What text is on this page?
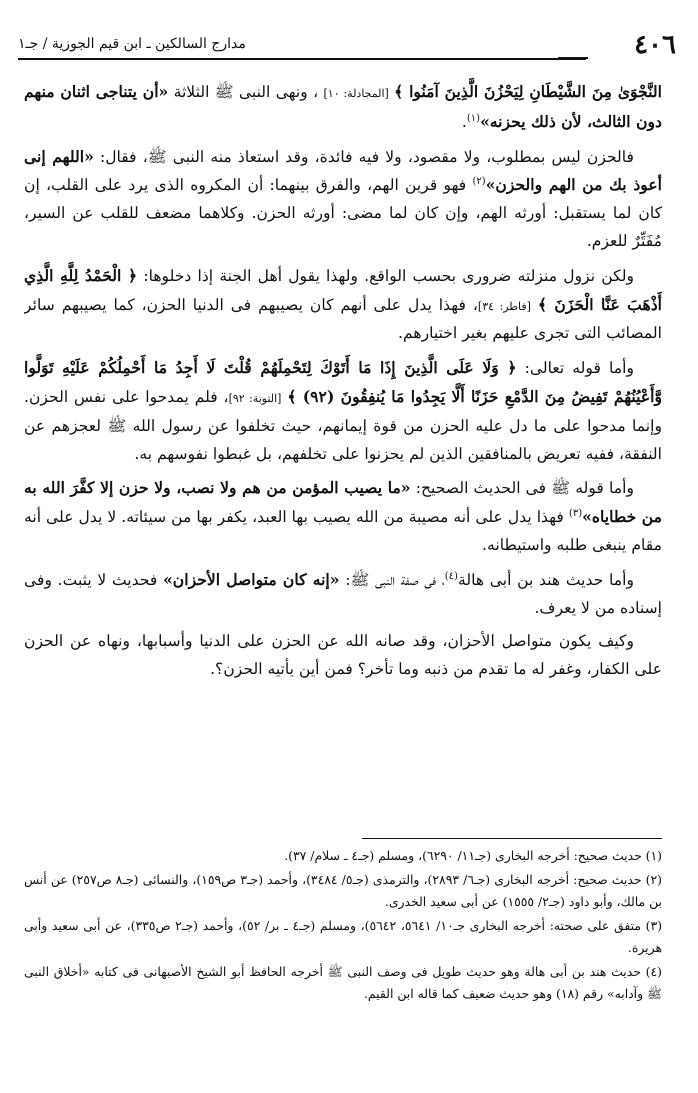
٤٠٦
مدارج السالكين ـ ابن قيم الجوزية / جـ١

النَّجْوَىٰ مِنَ الشَّيْطَانِ لِيَحْزُنَ الَّذِينَ آمَنُوا ﴾ [المجادلة: ١٠] ، ونهى النبى ﷺ الثلاثة «أن يتناجى اثنان منهم دون الثالث، لأن ذلك يحزنه»$^{(١)}$.

فالحزن ليس بمطلوب، ولا مقصود، ولا فيه فائدة، وقد استعاذ منه النبى ﷺ، فقال: «اللهم إنى أعوذ بك من الهم والحزن»$^{(٢)}$ فهو قرين الهم، والفرق بينهما: أن المكروه الذى يرد على القلب، إن كان لما يستقبل: أورثه الهم، وإن كان لما مضى: أورثه الحزن. وكلاهما مضعف للقلب عن السير، مُفَتِّرٌ للعزم.

ولكن نزول منزلته ضرورى بحسب الواقع. ولهذا يقول أهل الجنة إذا دخلوها: ﴿ الْحَمْدُ لِلَّهِ الَّذِي أَذْهَبَ عَنَّا الْحَزَنَ ﴾ [فاطر: ٣٤]، فهذا يدل على أنهم كان يصيبهم فى الدنيا الحزن، كما يصيبهم سائر المصائب التى تجرى عليهم بغير اختيارهم.

وأما قوله تعالى: ﴿ وَلَا عَلَى الَّذِينَ إِذَا مَا أَتَوْكَ لِتَحْمِلَهُمْ قُلْتَ لَا أَجِدُ مَا أَحْمِلُكُمْ عَلَيْهِ تَوَلَّوا وَّأَعْيُنُهُمْ تَفِيضُ مِنَ الدَّمْعِ حَزَنًا أَلَّا يَجِدُوا مَا يُنفِقُونَ (٩٢) ﴾ [التوبة: ٩٢]، فلم يمدحوا على نفس الحزن. وإنما مدحوا على ما دل عليه الحزن من قوة إيمانهم، حيث تخلفوا عن رسول الله ﷺ لعجزهم عن النفقة، ففيه تعريض بالمنافقين الذين لم يحزنوا على تخلفهم، بل غبطوا نفوسهم به.

وأما قوله ﷺ فى الحديث الصحيح: «ما يصيب المؤمن من هم ولا نصب، ولا حزن إلا كفَّرَ الله به من خطاياه»$^{(٣)}$ فهذا يدل على أنه مصيبة من الله يصيب بها العبد، يكفر بها من سيئاته. لا يدل على أنه مقام ينبغى طلبه واستيطانه.

وأما حديث هند بن أبى هالة$^{(٤)}$، فى صفة النبى ﷺ: «إنه كان متواصل الأحزان» فحديث لا يثبت. وفى إسناده من لا يعرف.

وكيف يكون متواصل الأحزان، وقد صانه الله عن الحزن على الدنيا وأسبابها، ونهاه عن الحزن على الكفار، وغفر له ما تقدم من ذنبه وما تأخر؟ فمن أين يأتيه الحزن؟.

(١) حديث صحيح: أخرجه البخارى (جـ١١/ ٦٢٩٠)، ومسلم (جـ٤ ـ سلام/ ٣٧).

(٢) حديث صحيح: أخرجه البخارى (جـ٦/ ٢٨٩٣)، والترمذى (جـ٥/ ٣٤٨٤)، وأحمد (جـ٣ ص١٥٩)، والنسائى (جـ٨ ص٢٥٧) عن أنس بن مالك، وأبو داود (جـ٢/ ١٥٥٥) عن أبى سعيد الخدرى.

(٣) متفق على صحته: أخرجه البخارى جـ١٠/ ٥٦٤١، ٥٦٤٢)، ومسلم (جـ٤ ـ بر/ ٥٢)، وأحمد (جـ٢ ص٣٣٥)، عن أبى سعيد وأبى هريرة.

(٤) حديث هند بن أبى هالة وهو حديث طويل فى وصف النبى ﷺ أخرجه الحافظ أبو الشيخ الأصبهانى فى كتابه «أخلاق النبى ﷺ وآدابه» رقم (١٨) وهو حديث ضعيف كما قاله ابن القيم.
